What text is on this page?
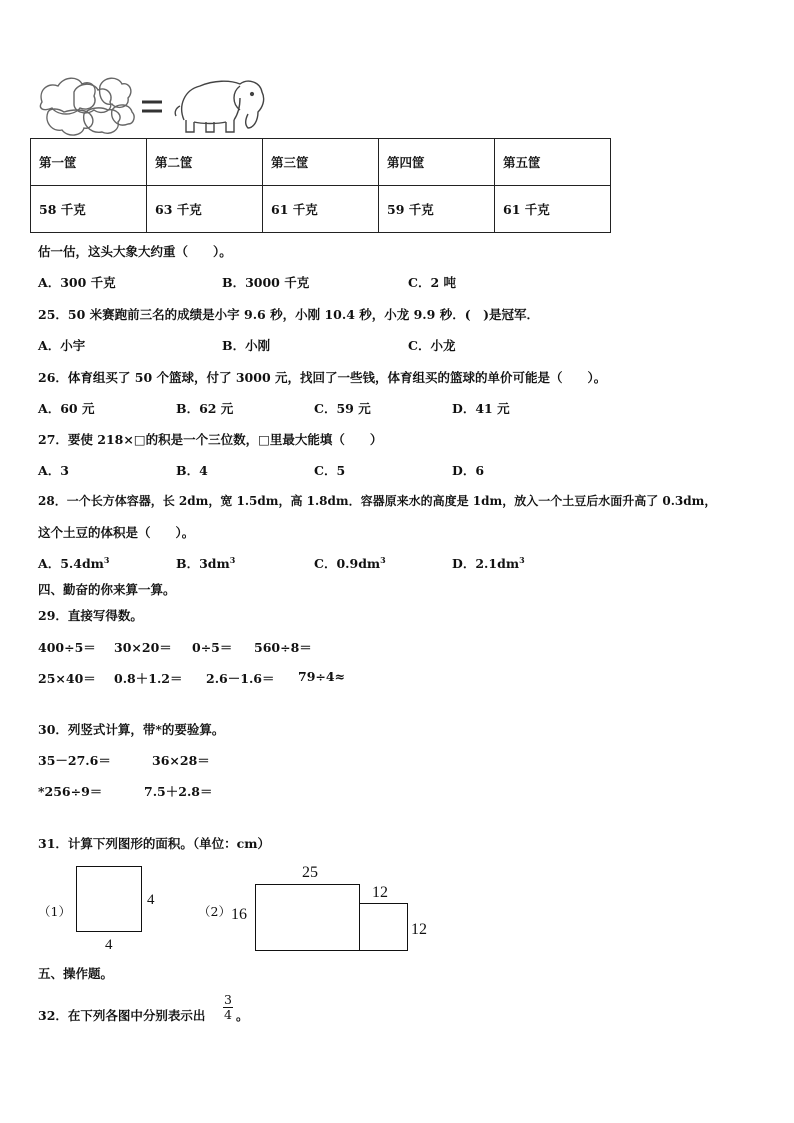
第一筐	第二筐	第三筐	第四筐	第五筐
58 千克	63 千克	61 千克	59 千克	61 千克
估一估，这头大象大约重（　　）。
A．300 千克	B．3000 千克	C．2 吨
25．50 米赛跑前三名的成绩是小宇 9.6 秒，小刚 10.4 秒，小龙 9.9 秒．(　)是冠军．
A．小宇	B．小刚	C．小龙
26．体育组买了 50 个篮球，付了 3000 元，找回了一些钱，体育组买的篮球的单价可能是（　　）。
A．60 元	B．62 元	C．59 元	D．41 元
27．要使 218×□的积是一个三位数，□里最大能填（　　）
A．3	B．4	C．5	D．6
28．一个长方体容器，长 2dm，宽 1.5dm，高 1.8dm．容器原来水的高度是 1dm，放入一个土豆后水面升高了 0.3dm，
这个土豆的体积是（　　）。
A．$5.4dm^3$	B．$3dm^3$	C．$0.9dm^3$	D．$2.1dm^3$
四、勤奋的你来算一算。
29．直接写得数。
400÷5＝ 30×20＝ 0÷5＝ 560÷8＝
25×40＝ 0.8＋1.2＝ 2.6－1.6＝ 79÷4≈
30．列竖式计算，带*的要验算。
35－27.6＝	36×28＝
*256÷9＝	7.5＋2.8＝
31．计算下列图形的面积。（单位：cm）
（1）
4
4
（2）
25
16
12
12
五、操作题。
32．在下列各图中分别表示出
3
4 。
